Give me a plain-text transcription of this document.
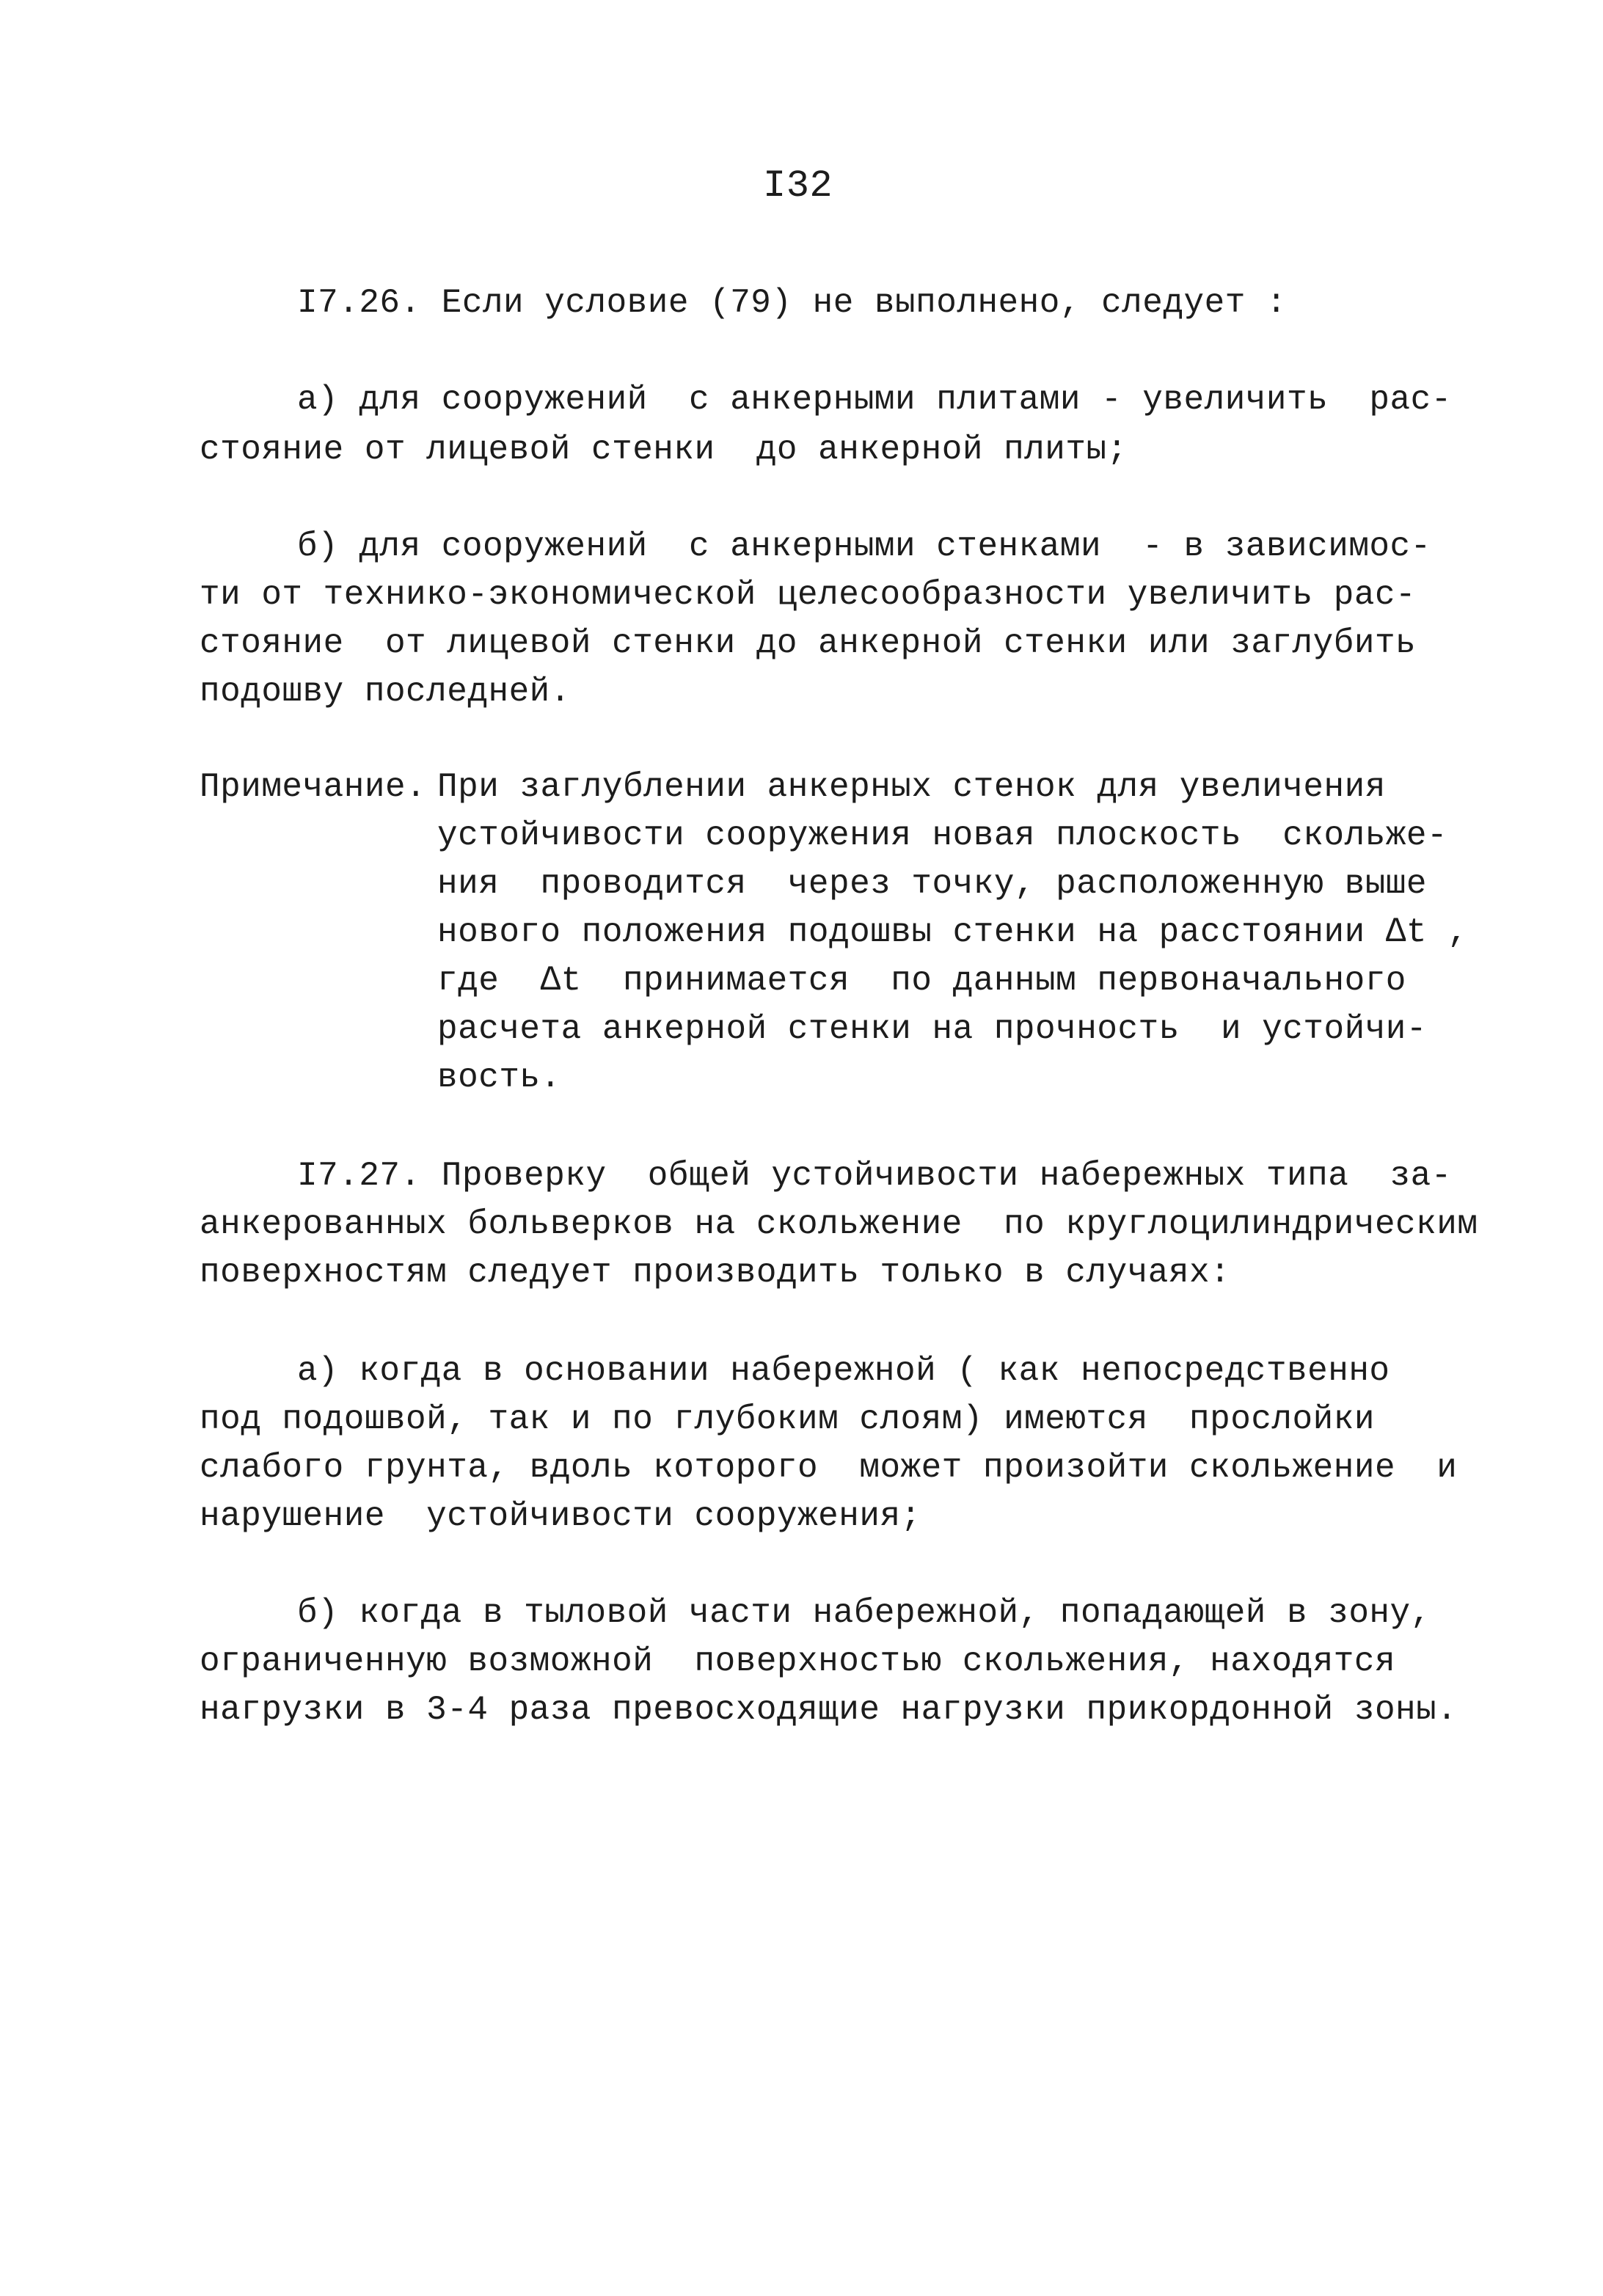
I32
I7.26. Если условие (79) не выполнено, следует :
а) для сооружений  с анкерными плитами - увеличить  рас-
стояние от лицевой стенки  до анкерной плиты;
б) для сооружений  с анкерными стенками  - в зависимос-
ти от технико-экономической целесообразности увеличить рас-
стояние  от лицевой стенки до анкерной стенки или заглубить
подошву последней.
Примечание. При заглублении анкерных стенок для увеличения
устойчивости сооружения новая плоскость  скольже-
ния  проводится  через точку, расположенную выше
нового положения подошвы стенки на расстоянии ∆t ,
где  ∆t  принимается  по данным первоначального
расчета анкерной стенки на прочность  и устойчи-
вость.
I7.27. Проверку  общей устойчивости набережных типа  за-
анкерованных больверков на скольжение  по круглоцилиндрическим
поверхностям следует производить только в случаях:
а) когда в основании набережной ( как непосредственно
под подошвой, так и по глубоким слоям) имеются  прослойки
слабого грунта, вдоль которого  может произойти скольжение  и
нарушение  устойчивости сооружения;
б) когда в тыловой части набережной, попадающей в зону,
ограниченную возможной  поверхностью скольжения, находятся
нагрузки в 3-4 раза превосходящие нагрузки прикордонной зоны.
